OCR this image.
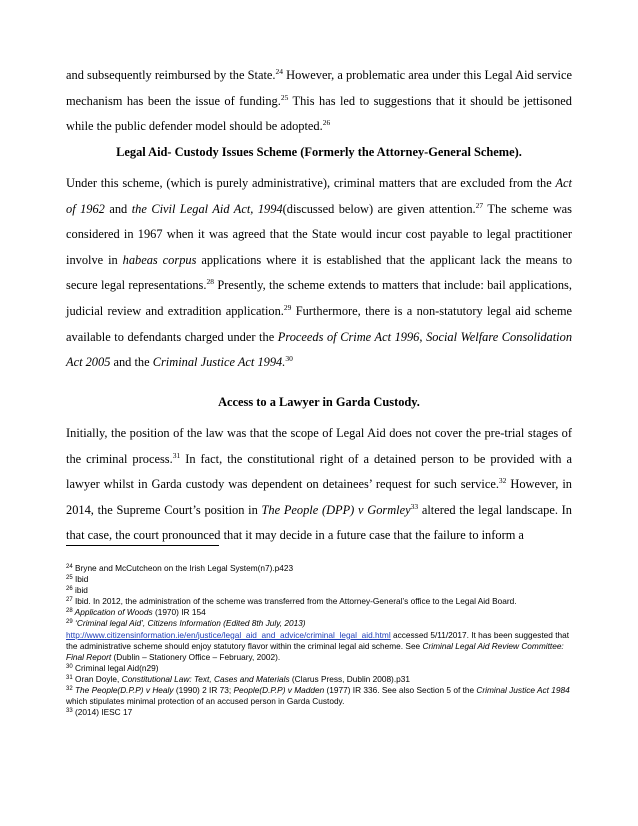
and subsequently reimbursed by the State.$^{24}$ However, a problematic area under this Legal Aid service mechanism has been the issue of funding.$^{25}$ This has led to suggestions that it should be jettisoned while the public defender model should be adopted.$^{26}$

Legal Aid- Custody Issues Scheme (Formerly the Attorney-General Scheme).

Under this scheme, (which is purely administrative), criminal matters that are excluded from the Act of 1962 and the Civil Legal Aid Act, 1994(discussed below) are given attention.$^{27}$ The scheme was considered in 1967 when it was agreed that the State would incur cost payable to legal practitioner involve in habeas corpus applications where it is established that the applicant lack the means to secure legal representations.$^{28}$ Presently, the scheme extends to matters that include: bail applications, judicial review and extradition application.$^{29}$ Furthermore, there is a non-statutory legal aid scheme available to defendants charged under the Proceeds of Crime Act 1996, Social Welfare Consolidation Act 2005 and the Criminal Justice Act 1994.30

Access to a Lawyer in Garda Custody.

Initially, the position of the law was that the scope of Legal Aid does not cover the pre-trial stages of the criminal process.$^{31}$ In fact, the constitutional right of a detained person to be provided with a lawyer whilst in Garda custody was dependent on detainees’ request for such service.$^{32}$ However, in 2014, the Supreme Court’s position in The People (DPP) v Gormley$^{33}$ altered the legal landscape. In that case, the court pronounced that it may decide in a future case that the failure to inform a

$^{24}$ Bryne and McCutcheon on the Irish Legal System(n7).p423

$^{25}$ Ibid

$^{26}$ ibid

$^{27}$ Ibid. In 2012, the administration of the scheme was transferred from the Attorney-General’s office to the Legal Aid Board.

$^{28}$ Application of Woods (1970) IR 154

$^{29}$ ‘Criminal legal Aid’, Citizens Information (Edited 8th July, 2013)
http://www.citizensinformation.ie/en/justice/legal_aid_and_advice/criminal_legal_aid.html accessed 5/11/2017. It has been suggested that the administrative scheme should enjoy statutory flavor within the criminal legal aid scheme. See Criminal Legal Aid Review Committee: Final Report (Dublin – Stationery Office – February, 2002).

$^{30}$ Criminal legal Aid(n29)

$^{31}$ Oran Doyle, Constitutional Law: Text, Cases and Materials (Clarus Press, Dublin 2008).p31

$^{32}$ The People(D.P.P) v Healy (1990) 2 IR 73; People(D.P.P) v Madden (1977) IR 336. See also Section 5 of the Criminal Justice Act 1984 which stipulates minimal protection of an accused person in Garda Custody.

$^{33}$ (2014) IESC 17
